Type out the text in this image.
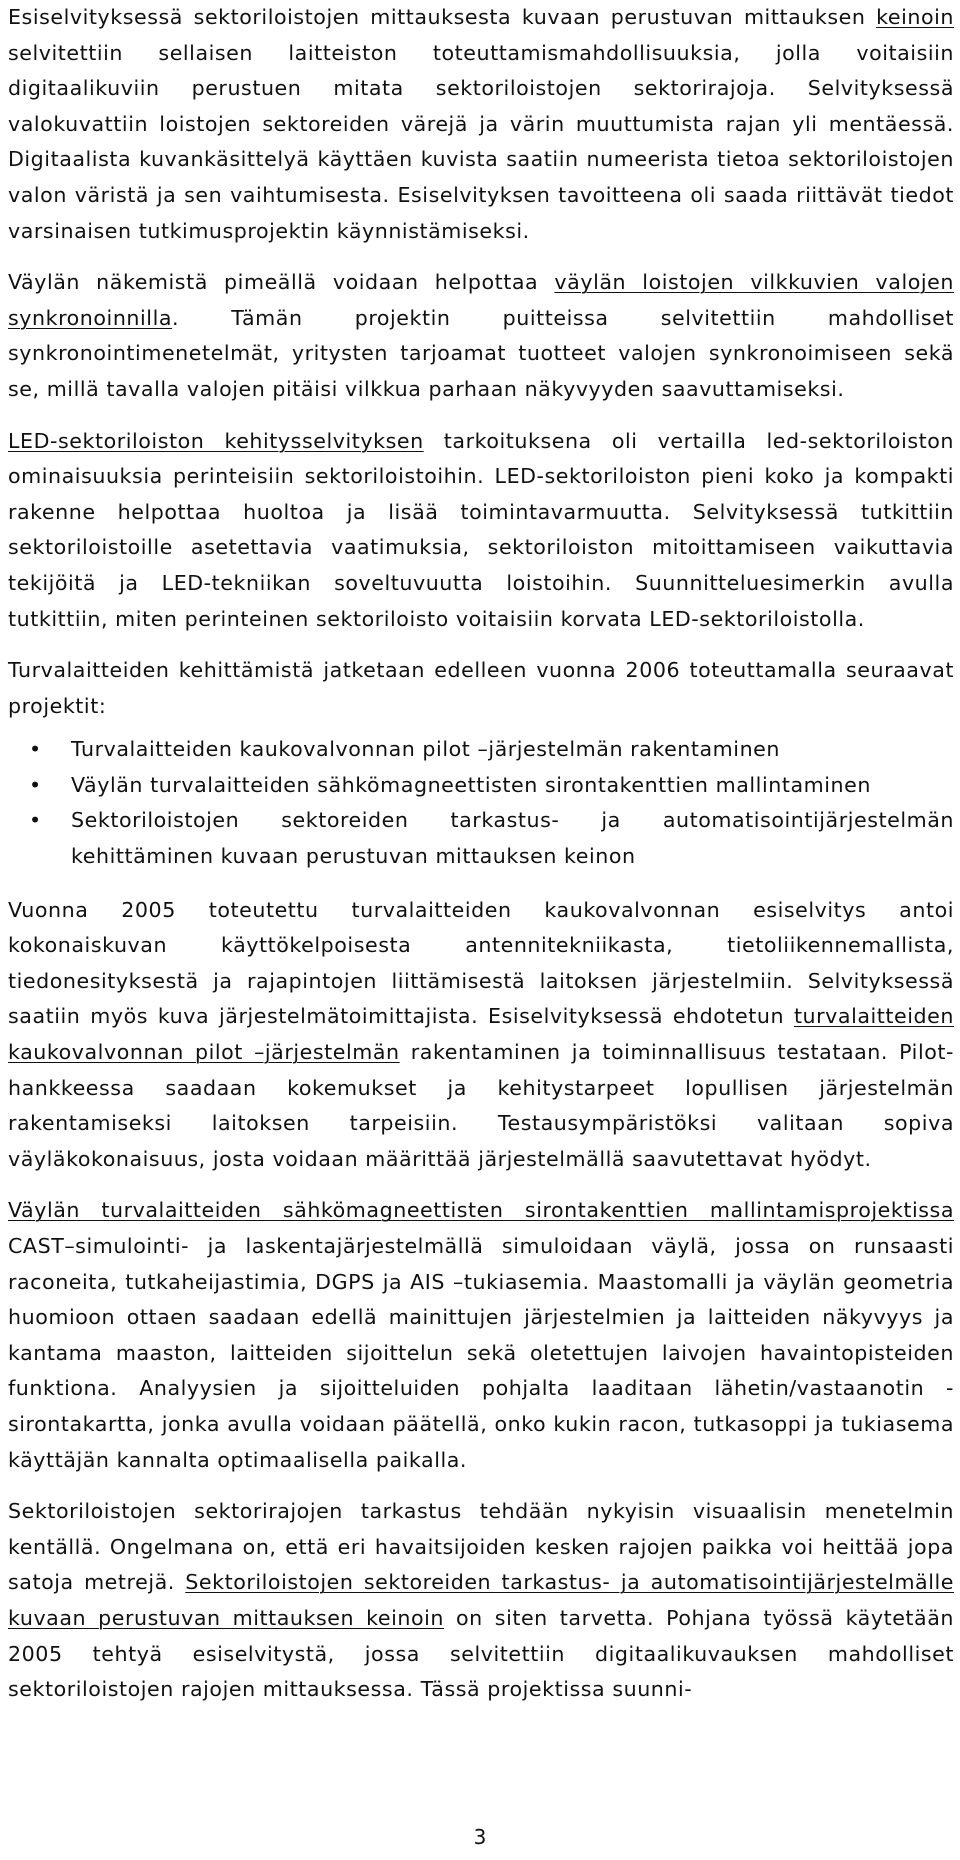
Esiselvityksessä sektoriloistojen mittauksesta kuvaan perustuvan mittauksen keinoin selvitettiin sellaisen laitteiston toteuttamismahdollisuuksia, jolla voitaisiin digitaalikuviin perustuen mitata sektoriloistojen sektorirajoja. Selvityksessä valokuvattiin loistojen sektoreiden värejä ja värin muuttumista rajan yli mentäessä. Digitaalista kuvankäsittelyä käyttäen kuvista saatiin numeerista tietoa sektoriloistojen valon väristä ja sen vaihtumisesta. Esiselvityksen tavoitteena oli saada riittävät tiedot varsinaisen tutkimusprojektin käynnistämiseksi.

Väylän näkemistä pimeällä voidaan helpottaa väylän loistojen vilkkuvien valojen synkronoinnilla. Tämän projektin puitteissa selvitettiin mahdolliset synkronointimenetelmät, yritysten tarjoamat tuotteet valojen synkronoimiseen sekä se, millä tavalla valojen pitäisi vilkkua parhaan näkyvyyden saavuttamiseksi.

LED-sektoriloiston kehitysselvityksen tarkoituksena oli vertailla led-sektoriloiston ominaisuuksia perinteisiin sektoriloistoihin. LED-sektoriloiston pieni koko ja kompakti rakenne helpottaa huoltoa ja lisää toimintavarmuutta. Selvityksessä tutkittiin sektoriloistoille asetettavia vaatimuksia, sektoriloiston mitoittamiseen vaikuttavia tekijöitä ja LED-tekniikan soveltuvuutta loistoihin. Suunnitteluesimerkin avulla tutkittiin, miten perinteinen sektoriloisto voitaisiin korvata LED-sektoriloistolla.

Turvalaitteiden kehittämistä jatketaan edelleen vuonna 2006 toteuttamalla seuraavat projektit:

• Turvalaitteiden kaukovalvonnan pilot –järjestelmän rakentaminen
• Väylän turvalaitteiden sähkömagneettisten sirontakenttien mallintaminen
• Sektoriloistojen sektoreiden tarkastus- ja automatisointijärjestelmän kehittäminen kuvaan perustuvan mittauksen keinon

Vuonna 2005 toteutettu turvalaitteiden kaukovalvonnan esiselvitys antoi kokonaiskuvan käyttökelpoisesta antennitekniikasta, tietoliikennemallista, tiedonesityksestä ja rajapintojen liittämisestä laitoksen järjestelmiin. Selvityksessä saatiin myös kuva järjestelmätoimittajista. Esiselvityksessä ehdotetun turvalaitteiden kaukovalvonnan pilot –järjestelmän rakentaminen ja toiminnallisuus testataan. Pilot-hankkeessa saadaan kokemukset ja kehitystarpeet lopullisen järjestelmän rakentamiseksi laitoksen tarpeisiin. Testausympäristöksi valitaan sopiva väyläkokonaisuus, josta voidaan määrittää järjestelmällä saavutettavat hyödyt.

Väylän turvalaitteiden sähkömagneettisten sirontakenttien mallintamisprojektissa CAST–simulointi- ja laskentajärjestelmällä simuloidaan väylä, jossa on runsaasti raconeita, tutkaheijastimia, DGPS ja AIS –tukiasemia. Maastomalli ja väylän geometria huomioon ottaen saadaan edellä mainittujen järjestelmien ja laitteiden näkyvyys ja kantama maaston, laitteiden sijoittelun sekä oletettujen laivojen havaintopisteiden funktiona. Analyysien ja sijoitteluiden pohjalta laaditaan lähetin/vastaanotin -sirontakartta, jonka avulla voidaan päätellä, onko kukin racon, tutkasoppi ja tukiasema käyttäjän kannalta optimaalisella paikalla.

Sektoriloistojen sektorirajojen tarkastus tehdään nykyisin visuaalisin menetelmin kentällä. Ongelmana on, että eri havaitsijoiden kesken rajojen paikka voi heittää jopa satoja metrejä. Sektoriloistojen sektoreiden tarkastus- ja automatisointijärjestelmälle kuvaan perustuvan mittauksen keinoin on siten tarvetta. Pohjana työssä käytetään 2005 tehtyä esiselvitystä, jossa selvitettiin digitaalikuvauksen mahdolliset sektoriloistojen rajojen mittauksessa. Tässä projektissa suunni-

3
